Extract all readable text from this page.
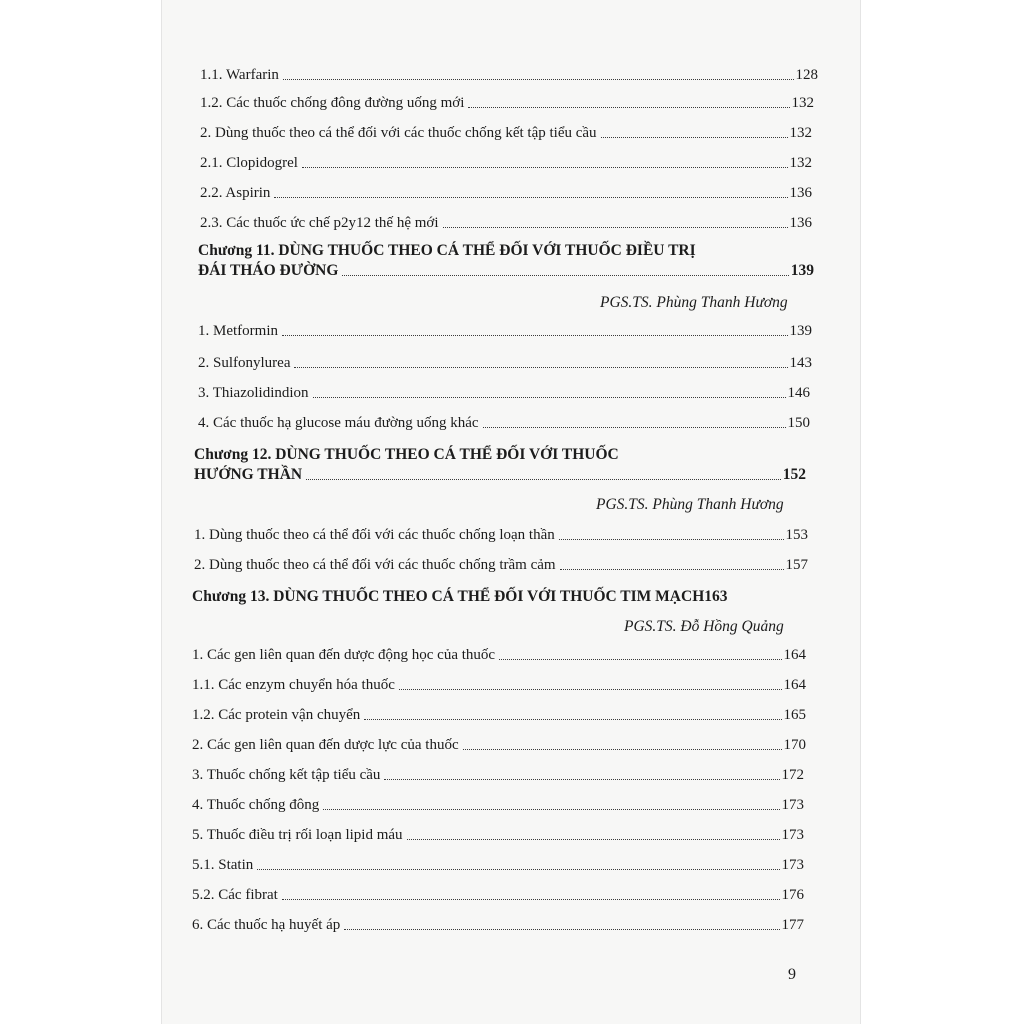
1.1. Warfarin	128
1.2. Các thuốc chống đông đường uống mới	132
2. Dùng thuốc theo cá thể đối với các thuốc chống kết tập tiểu cầu	132
2.1. Clopidogrel	132
2.2. Aspirin	136
2.3. Các thuốc ức chế p2y12 thế hệ mới	136
Chương 11. DÙNG THUỐC THEO CÁ THỂ ĐỐI VỚI THUỐC ĐIỀU TRỊ
ĐÁI THÁO ĐƯỜNG	139
PGS.TS. Phùng Thanh Hương
1. Metformin	139
2. Sulfonylurea	143
3. Thiazolidindion	146
4. Các thuốc hạ glucose máu đường uống khác	150
Chương 12. DÙNG THUỐC THEO CÁ THỂ ĐỐI VỚI THUỐC
HƯỚNG THẦN	152
PGS.TS. Phùng Thanh Hương
1. Dùng thuốc theo cá thể đối với các thuốc chống loạn thần	153
2. Dùng thuốc theo cá thể đối với các thuốc chống trầm cảm	157
Chương 13. DÙNG THUỐC THEO CÁ THỂ ĐỐI VỚI THUỐC TIM MẠCH 163
PGS.TS. Đỗ Hồng Quảng
1. Các gen liên quan đến dược động học của thuốc	164
1.1. Các enzym chuyển hóa thuốc	164
1.2. Các protein vận chuyển	165
2. Các gen liên quan đến dược lực của thuốc	170
3. Thuốc chống kết tập tiểu cầu	172
4. Thuốc chống đông	173
5. Thuốc điều trị rối loạn lipid máu	173
5.1. Statin	173
5.2. Các fibrat	176
6. Các thuốc hạ huyết áp	177
9
